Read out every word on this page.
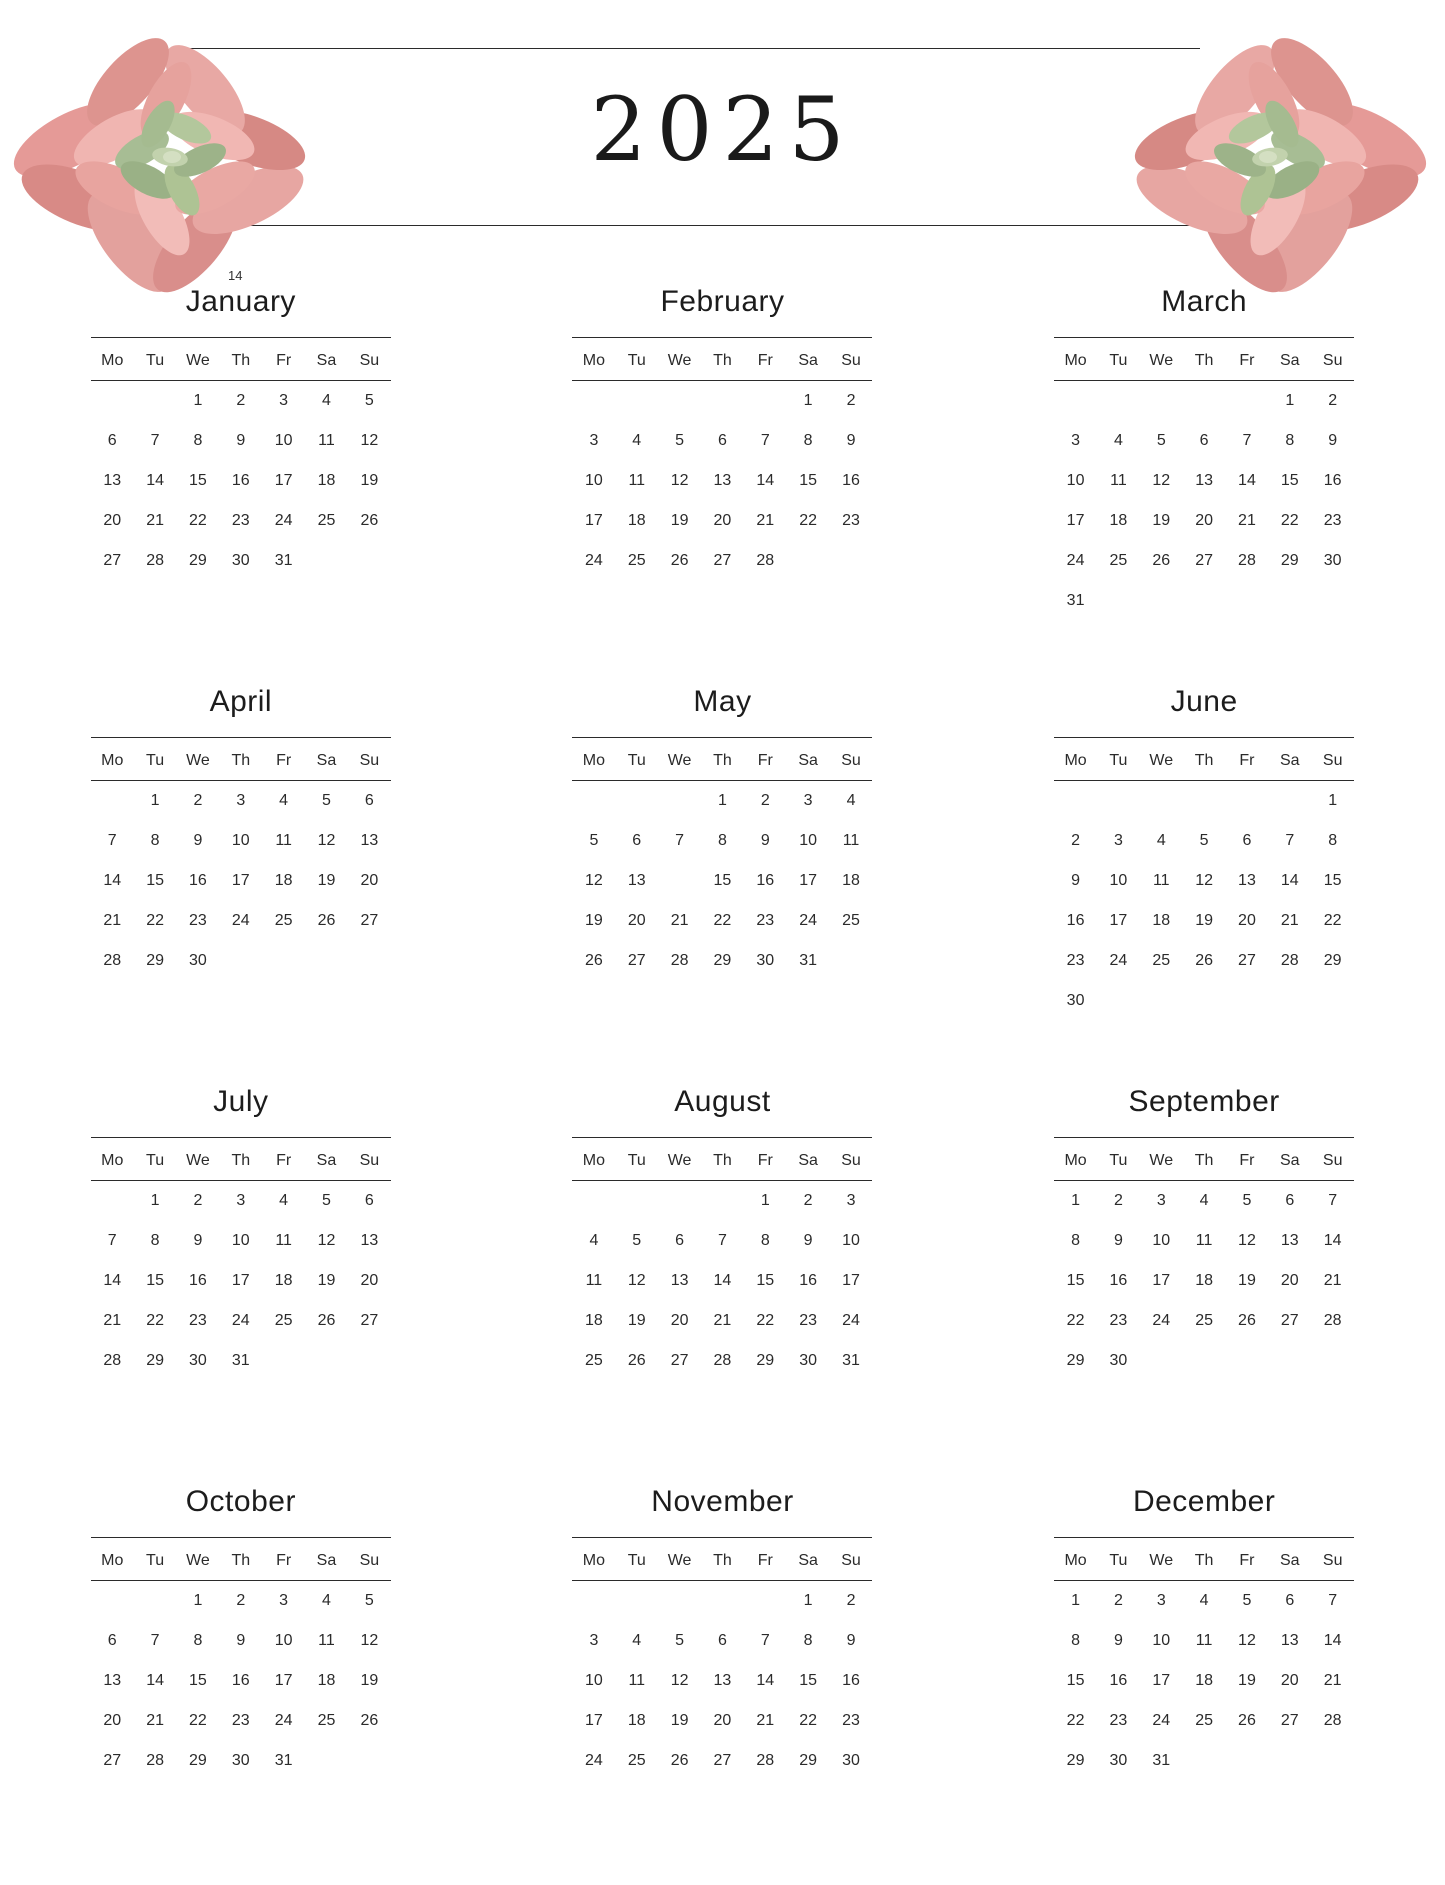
2025
14
January
Mo	Tu	We	Th	Fr	Sa	Su
		1	2	3	4	5
6	7	8	9	10	11	12
13	14	15	16	17	18	19
20	21	22	23	24	25	26
27	28	29	30	31		
February
Mo	Tu	We	Th	Fr	Sa	Su
					1	2
3	4	5	6	7	8	9
10	11	12	13	14	15	16
17	18	19	20	21	22	23
24	25	26	27	28		
March
Mo	Tu	We	Th	Fr	Sa	Su
					1	2
3	4	5	6	7	8	9
10	11	12	13	14	15	16
17	18	19	20	21	22	23
24	25	26	27	28	29	30
31						
April
Mo	Tu	We	Th	Fr	Sa	Su
	1	2	3	4	5	6
7	8	9	10	11	12	13
14	15	16	17	18	19	20
21	22	23	24	25	26	27
28	29	30				
May
Mo	Tu	We	Th	Fr	Sa	Su
			1	2	3	4
5	6	7	8	9	10	11
12	13		15	16	17	18
19	20	21	22	23	24	25
26	27	28	29	30	31	
June
Mo	Tu	We	Th	Fr	Sa	Su
						1
2	3	4	5	6	7	8
9	10	11	12	13	14	15
16	17	18	19	20	21	22
23	24	25	26	27	28	29
30						
July
Mo	Tu	We	Th	Fr	Sa	Su
	1	2	3	4	5	6
7	8	9	10	11	12	13
14	15	16	17	18	19	20
21	22	23	24	25	26	27
28	29	30	31			
August
Mo	Tu	We	Th	Fr	Sa	Su
				1	2	3
4	5	6	7	8	9	10
11	12	13	14	15	16	17
18	19	20	21	22	23	24
25	26	27	28	29	30	31
September
Mo	Tu	We	Th	Fr	Sa	Su
1	2	3	4	5	6	7
8	9	10	11	12	13	14
15	16	17	18	19	20	21
22	23	24	25	26	27	28
29	30					
October
Mo	Tu	We	Th	Fr	Sa	Su
		1	2	3	4	5
6	7	8	9	10	11	12
13	14	15	16	17	18	19
20	21	22	23	24	25	26
27	28	29	30	31		
November
Mo	Tu	We	Th	Fr	Sa	Su
					1	2
3	4	5	6	7	8	9
10	11	12	13	14	15	16
17	18	19	20	21	22	23
24	25	26	27	28	29	30
December
Mo	Tu	We	Th	Fr	Sa	Su
1	2	3	4	5	6	7
8	9	10	11	12	13	14
15	16	17	18	19	20	21
22	23	24	25	26	27	28
29	30	31				
